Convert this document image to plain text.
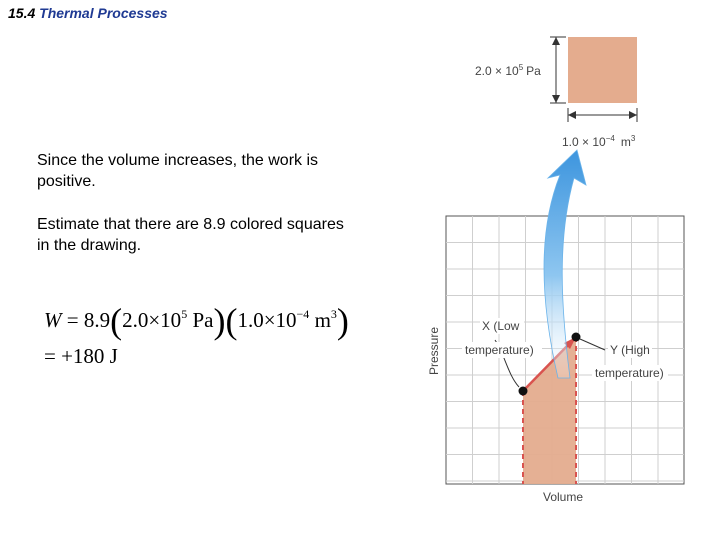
15.4 Thermal Processes
Since the volume increases, the work is positive.
Estimate that there are 8.9 colored squares in the drawing.
$W = 8.9(2.0\times 10^5$ $Pa)(1.0\times 10^{-4}$ $m^3$)
= +180 J
$2.0 \times 10^5$ Pa
$1.0 \times 10^{-4}$ $m^3$
X (Low
temperature)	Y (High
temperature)
Pressure
Volume
